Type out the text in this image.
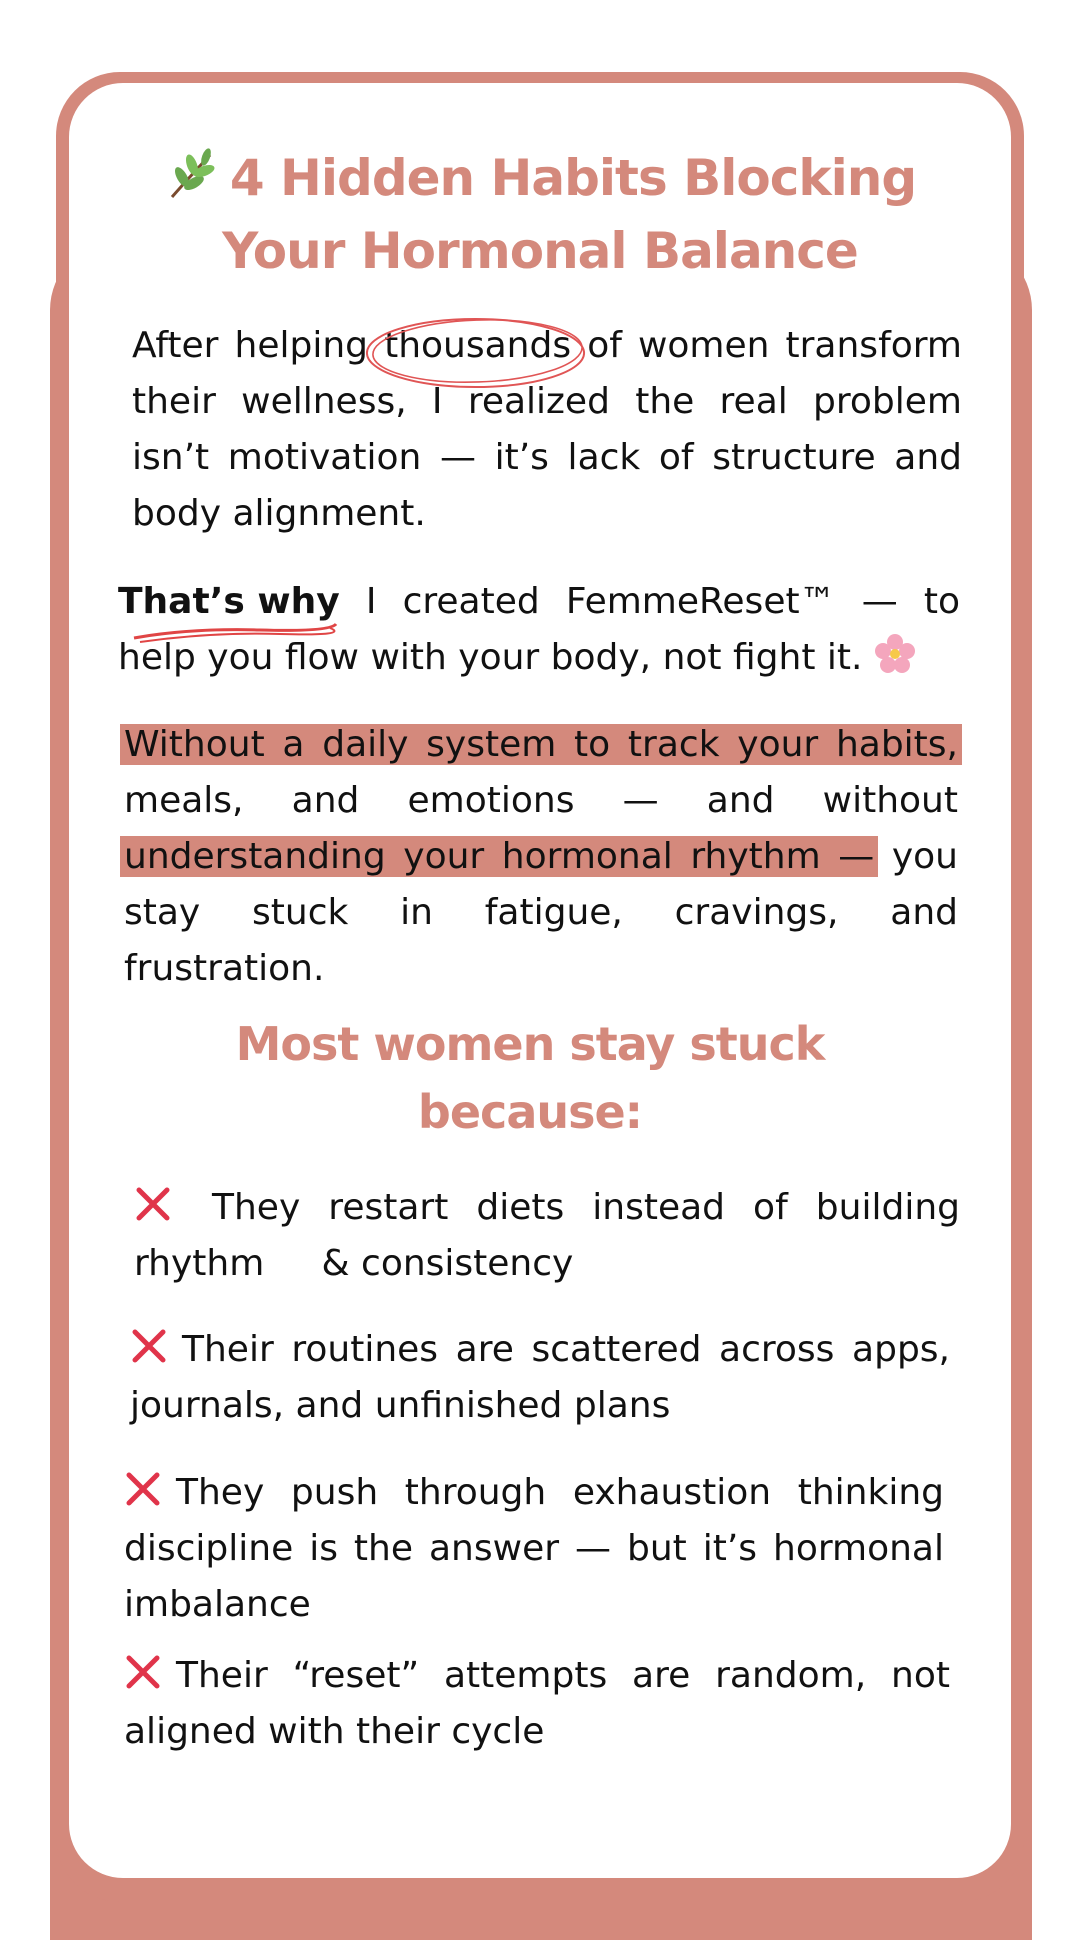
4 Hidden Habits Blocking Your Hormonal Balance

After helping thousands of women transform their wellness, I realized the real problem isn’t motivation — it’s lack of structure and body alignment.

That’s why I created FemmeReset™ — to help you flow with your body, not fight it.

Without a daily system to track your habits, meals, and emotions — and without understanding your hormonal rhythm — you stay stuck in fatigue, cravings, and frustration.

Most women stay stuck because:

They restart diets instead of building rhythm     & consistency

Their routines are scattered across apps, journals, and unfinished plans

They push through exhaustion thinking discipline is the answer — but it’s hormonal imbalance

Their “reset” attempts are random, not aligned with their cycle
